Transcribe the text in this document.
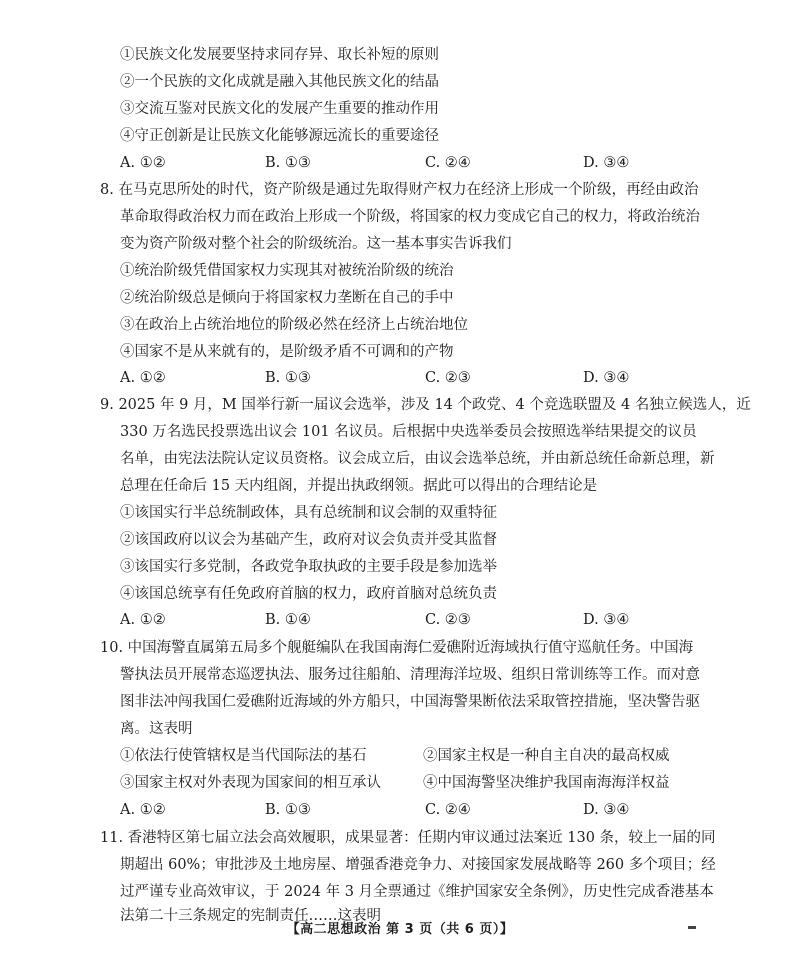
①民族文化发展要坚持求同存异、取长补短的原则
②一个民族的文化成就是融入其他民族文化的结晶
③交流互鉴对民族文化的发展产生重要的推动作用
④守正创新是让民族文化能够源远流长的重要途径
A. ①②	B. ①③	C. ②④	D. ③④
8. 在马克思所处的时代，资产阶级是通过先取得财产权力在经济上形成一个阶级，再经由政治
革命取得政治权力而在政治上形成一个阶级，将国家的权力变成它自己的权力，将政治统治
变为资产阶级对整个社会的阶级统治。这一基本事实告诉我们
①统治阶级凭借国家权力实现其对被统治阶级的统治
②统治阶级总是倾向于将国家权力垄断在自己的手中
③在政治上占统治地位的阶级必然在经济上占统治地位
④国家不是从来就有的，是阶级矛盾不可调和的产物
A. ①②	B. ①③	C. ②③	D. ③④
9. 2025 年 9 月，M 国举行新一届议会选举，涉及 14 个政党、4 个竞选联盟及 4 名独立候选人，近
330 万名选民投票选出议会 101 名议员。后根据中央选举委员会按照选举结果提交的议员
名单，由宪法法院认定议员资格。议会成立后，由议会选举总统，并由新总统任命新总理，新
总理在任命后 15 天内组阁，并提出执政纲领。据此可以得出的合理结论是
①该国实行半总统制政体，具有总统制和议会制的双重特征
②该国政府以议会为基础产生，政府对议会负责并受其监督
③该国实行多党制，各政党争取执政的主要手段是参加选举
④该国总统享有任免政府首脑的权力，政府首脑对总统负责
A. ①②	B. ①④	C. ②③	D. ③④
10. 中国海警直属第五局多个舰艇编队在我国南海仁爱礁附近海域执行值守巡航任务。中国海
警执法员开展常态巡逻执法、服务过往船舶、清理海洋垃圾、组织日常训练等工作。而对意
图非法冲闯我国仁爱礁附近海域的外方船只，中国海警果断依法采取管控措施，坚决警告驱
离。这表明
①依法行使管辖权是当代国际法的基石	②国家主权是一种自主自决的最高权威
③国家主权对外表现为国家间的相互承认	④中国海警坚决维护我国南海海洋权益
A. ①②	B. ①③	C. ②④	D. ③④
11. 香港特区第七届立法会高效履职，成果显著：任期内审议通过法案近 130 条，较上一届的同
期超出 60%；审批涉及土地房屋、增强香港竞争力、对接国家发展战略等 260 多个项目；经
过严谨专业高效审议，于 2024 年 3 月全票通过《维护国家安全条例》，历史性完成香港基本
法第二十三条规定的宪制责任……这表明
【高二思想政治 第 3 页（共 6 页）】
